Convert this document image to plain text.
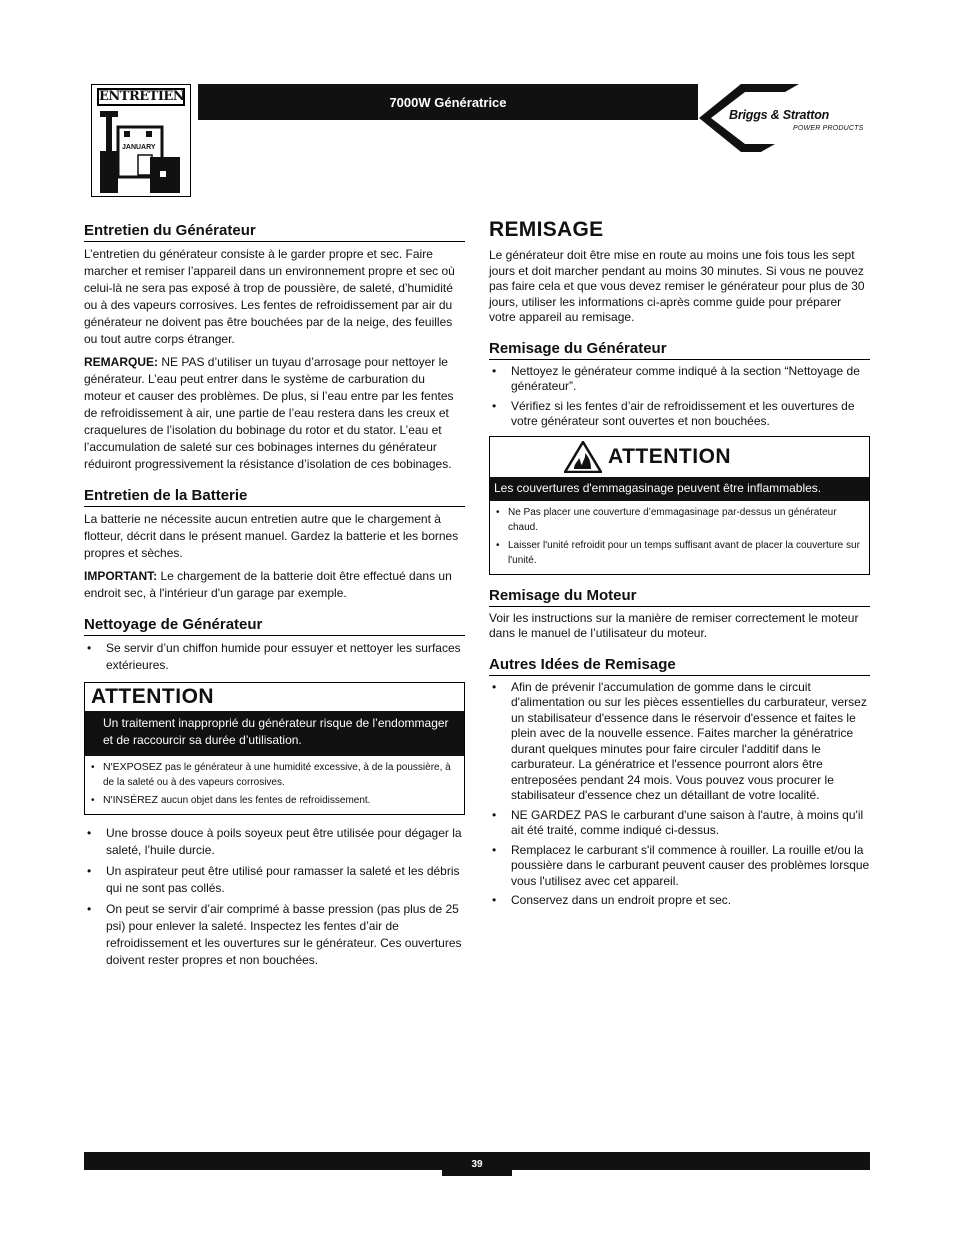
ENTRETIEN
JANUARY
7000W Génératrice
Briggs & Stratton
POWER PRODUCTS
Entretien du Générateur

L’entretien du générateur consiste à le garder propre et sec. Faire marcher et remiser l’appareil dans un environnement propre et sec où celui-là ne sera pas exposé à trop de poussière, de saleté, d’humidité ou à des vapeurs corrosives. Les fentes de refroidissement par air du générateur ne doivent pas être bouchées par de la neige, des feuilles ou tout autre corps étranger.

REMARQUE: NE PAS d’utiliser un tuyau d’arrosage pour nettoyer le générateur. L’eau peut entrer dans le système de carburation du moteur et causer des problèmes. De plus, si l’eau entre par les fentes de refroidissement à air, une partie de l’eau restera dans les creux et craquelures de l’isolation du bobinage du rotor et du stator. L’eau et l’accumulation de saleté sur ces bobinages internes du générateur réduiront progressivement la résistance d’isolation de ces bobinages.

Entretien de la Batterie

La batterie ne nécessite aucun entretien autre que le chargement à flotteur, décrit dans le présent manuel. Gardez la batterie et les bornes propres et sèches.

IMPORTANT: Le chargement de la batterie doit être effectué dans un endroit sec, à l'intérieur d'un garage par exemple.

Nettoyage de Générateur
• Se servir d’un chiffon humide pour essuyer et nettoyer les surfaces extérieures.
ATTENTION
Un traitement inapproprié du générateur risque de l’endommager et de raccourcir sa durée d’utilisation.
• N'EXPOSEZ pas le générateur à une humidité excessive, à de la poussière, à de la saleté ou à des vapeurs corrosives.
• N'INSÉREZ aucun objet dans les fentes de refroidissement.
• Une brosse douce à poils soyeux peut être utilisée pour dégager la saleté, l’huile durcie.
• Un aspirateur peut être utilisé pour ramasser la saleté et les débris qui ne sont pas collés.
• On peut se servir d’air comprimé à basse pression (pas plus de 25 psi) pour enlever la saleté. Inspectez les fentes d’air de refroidissement et les ouvertures sur le générateur. Ces ouvertures doivent rester propres et non bouchées.
REMISAGE

Le générateur doit être mise en route au moins une fois tous les sept jours et doit marcher pendant au moins 30 minutes. Si vous ne pouvez pas faire cela et que vous devez remiser le générateur pour plus de 30 jours, utiliser les informations ci-après comme guide pour préparer votre appareil au remisage.

Remisage du Générateur
• Nettoyez le générateur comme indiqué à la section “Nettoyage de générateur”.
• Vérifiez si les fentes d’air de refroidissement et les ouvertures de votre générateur sont ouvertes et non bouchées.
ATTENTION
Les couvertures d'emmagasinage peuvent être inflammables.
• Ne Pas placer une couverture d’emmagasinage par-dessus un générateur chaud.
• Laisser l'unité refroidit pour un temps suffisant avant de placer la couverture sur l'unité.
Remisage du Moteur

Voir les instructions sur la manière de remiser correctement le moteur dans le manuel de l’utilisateur du moteur.

Autres Idées de Remisage
• Afin de prévenir l'accumulation de gomme dans le circuit d'alimentation ou sur les pièces essentielles du carburateur, versez un stabilisateur d'essence dans le réservoir d'essence et faites le plein avec de la nouvelle essence. Faites marcher la génératrice durant quelques minutes pour faire circuler l'additif dans le carburateur. La génératrice et l'essence pourront alors être entreposées pendant 24 mois. Vous pouvez vous procurer le stabilisateur d'essence chez un détaillant de votre localité.
• NE GARDEZ PAS le carburant d'une saison à l'autre, à moins qu'il ait été traité, comme indiqué ci-dessus.
• Remplacez le carburant s'il commence à rouiller. La rouille et/ou la poussière dans le carburant peuvent causer des problèmes lorsque vous l'utilisez avec cet appareil.
• Conservez dans un endroit propre et sec.
39
